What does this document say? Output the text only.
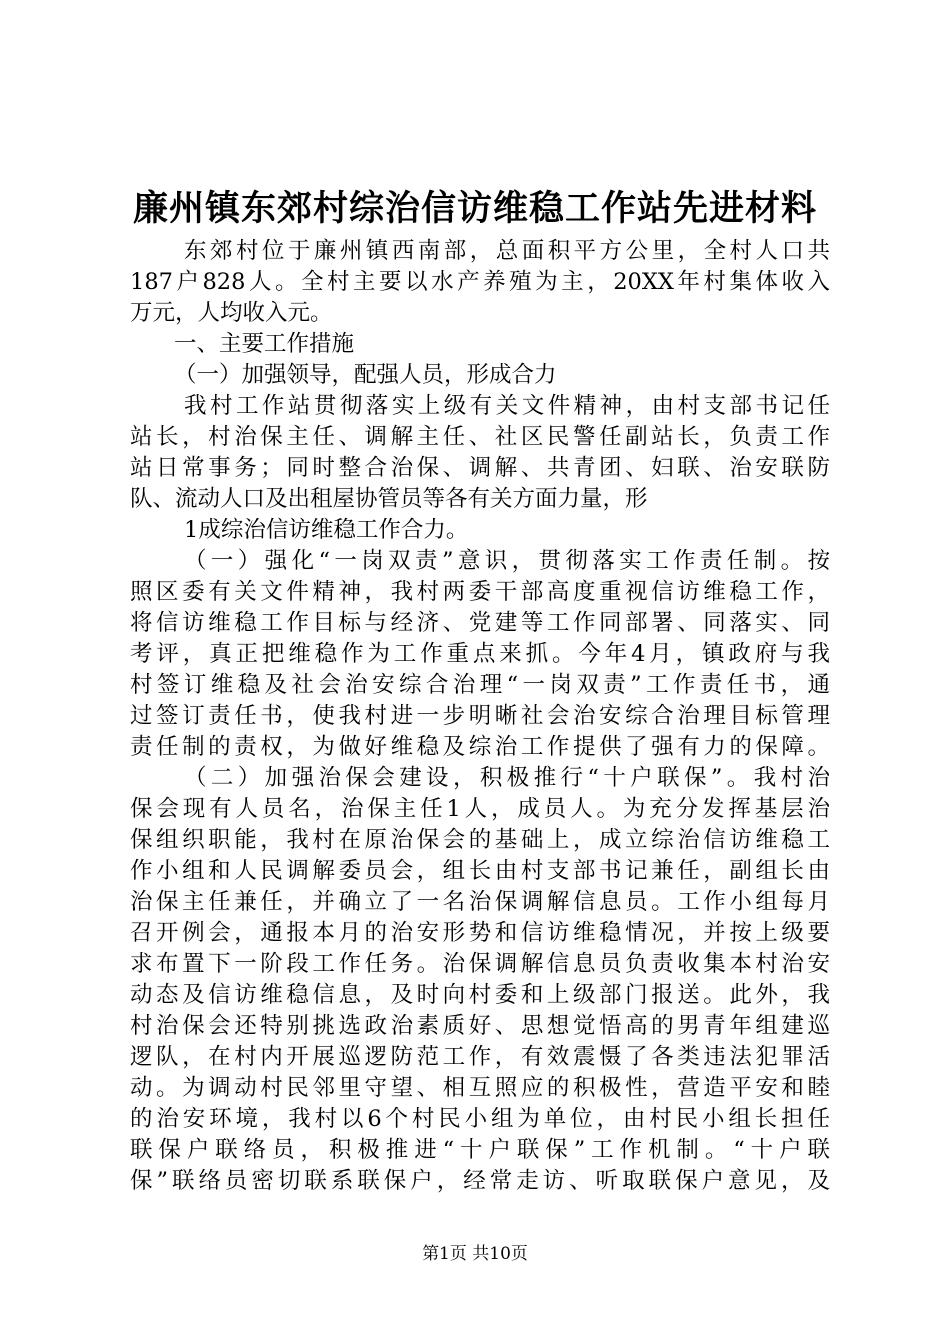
廉州镇东郊村综治信访维稳工作站先进材料
东郊村位于廉州镇西南部，总面积平方公里，全村人口共
187户828人。全村主要以水产养殖为主，20XX年村集体收入
万元，人均收入元。
一、主要工作措施
（一）加强领导，配强人员，形成合力
我村工作站贯彻落实上级有关文件精神，由村支部书记任
站长，村治保主任、调解主任、社区民警任副站长，负责工作
站日常事务；同时整合治保、调解、共青团、妇联、治安联防
队、流动人口及出租屋协管员等各有关方面力量，形
1成综治信访维稳工作合力。
（一）强化“一岗双责”意识，贯彻落实工作责任制。按
照区委有关文件精神，我村两委干部高度重视信访维稳工作，
将信访维稳工作目标与经济、党建等工作同部署、同落实、同
考评，真正把维稳作为工作重点来抓。今年4月，镇政府与我
村签订维稳及社会治安综合治理“一岗双责”工作责任书，通
过签订责任书，使我村进一步明晰社会治安综合治理目标管理
责任制的责权，为做好维稳及综治工作提供了强有力的保障。
（二）加强治保会建设，积极推行“十户联保”。我村治
保会现有人员名，治保主任1人，成员人。为充分发挥基层治
保组织职能，我村在原治保会的基础上，成立综治信访维稳工
作小组和人民调解委员会，组长由村支部书记兼任，副组长由
治保主任兼任，并确立了一名治保调解信息员。工作小组每月
召开例会，通报本月的治安形势和信访维稳情况，并按上级要
求布置下一阶段工作任务。治保调解信息员负责收集本村治安
动态及信访维稳信息，及时向村委和上级部门报送。此外，我
村治保会还特别挑选政治素质好、思想觉悟高的男青年组建巡
逻队，在村内开展巡逻防范工作，有效震慑了各类违法犯罪活
动。为调动村民邻里守望、相互照应的积极性，营造平安和睦
的治安环境，我村以6个村民小组为单位，由村民小组长担任
联保户联络员，积极推进“十户联保”工作机制。“十户联
保”联络员密切联系联保户，经常走访、听取联保户意见，及
第1页 共10页
